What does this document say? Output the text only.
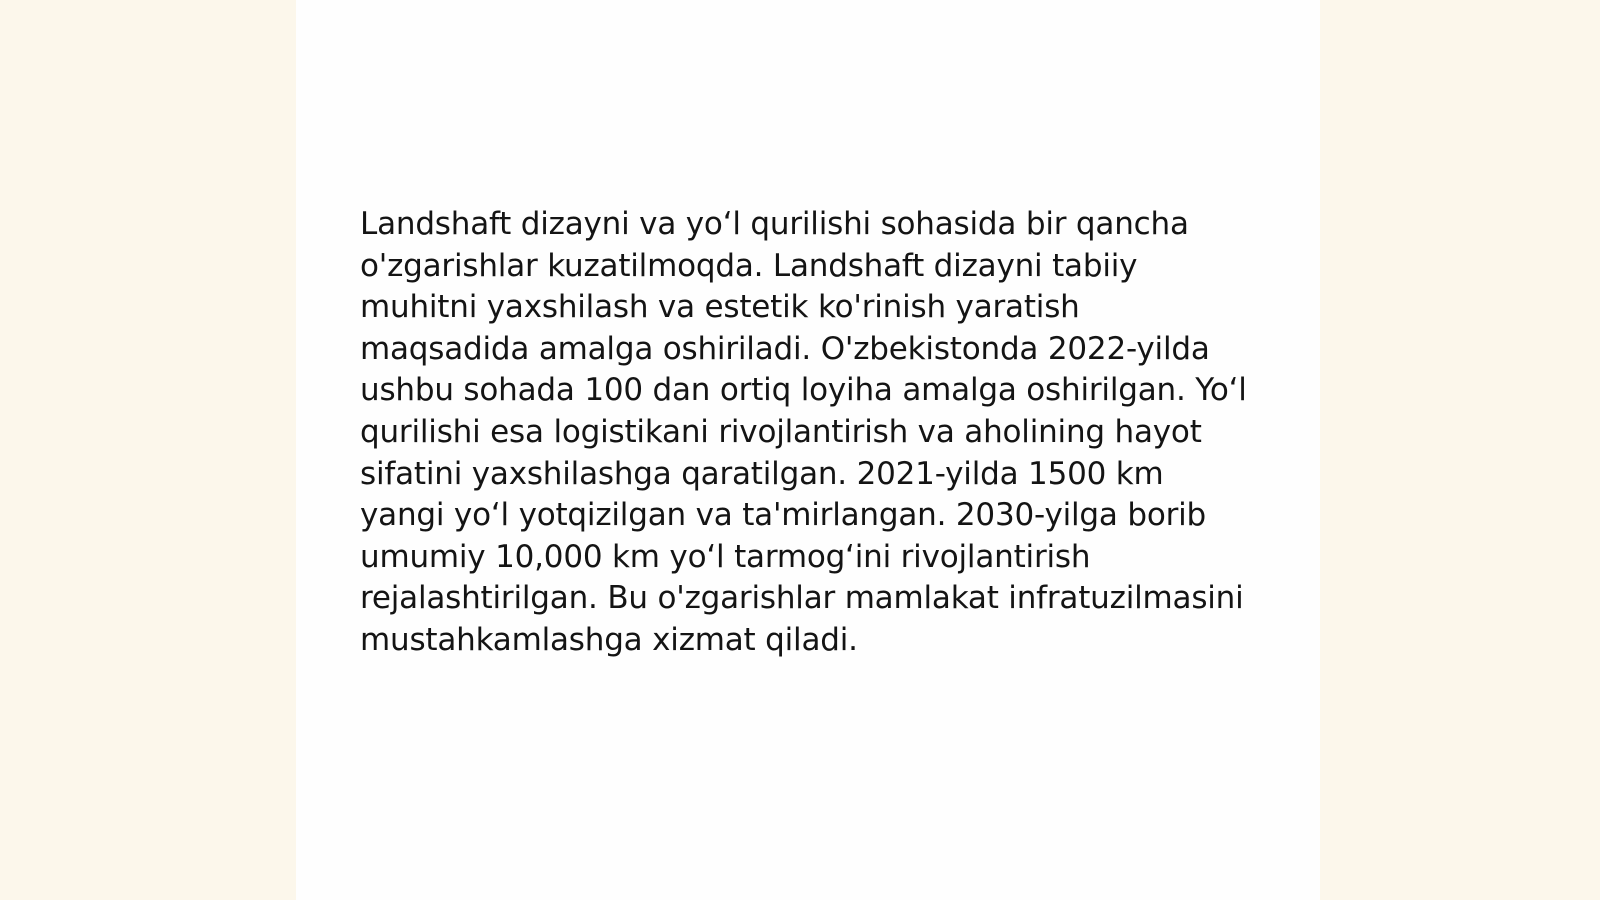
Landshaft dizayni va yo‘l qurilishi sohasida bir qancha o'zgarishlar kuzatilmoqda. Landshaft dizayni tabiiy muhitni yaxshilash va estetik ko'rinish yaratish maqsadida amalga oshiriladi. O'zbekistonda 2022-yilda ushbu sohada 100 dan ortiq loyiha amalga oshirilgan. Yo‘l qurilishi esa logistikani rivojlantirish va aholining hayot sifatini yaxshilashga qaratilgan. 2021-yilda 1500 km yangi yo‘l yotqizilgan va ta'mirlangan. 2030-yilga borib umumiy 10,000 km yo‘l tarmog‘ini rivojlantirish rejalashtirilgan. Bu o'zgarishlar mamlakat infratuzilmasini mustahkamlashga xizmat qiladi.
